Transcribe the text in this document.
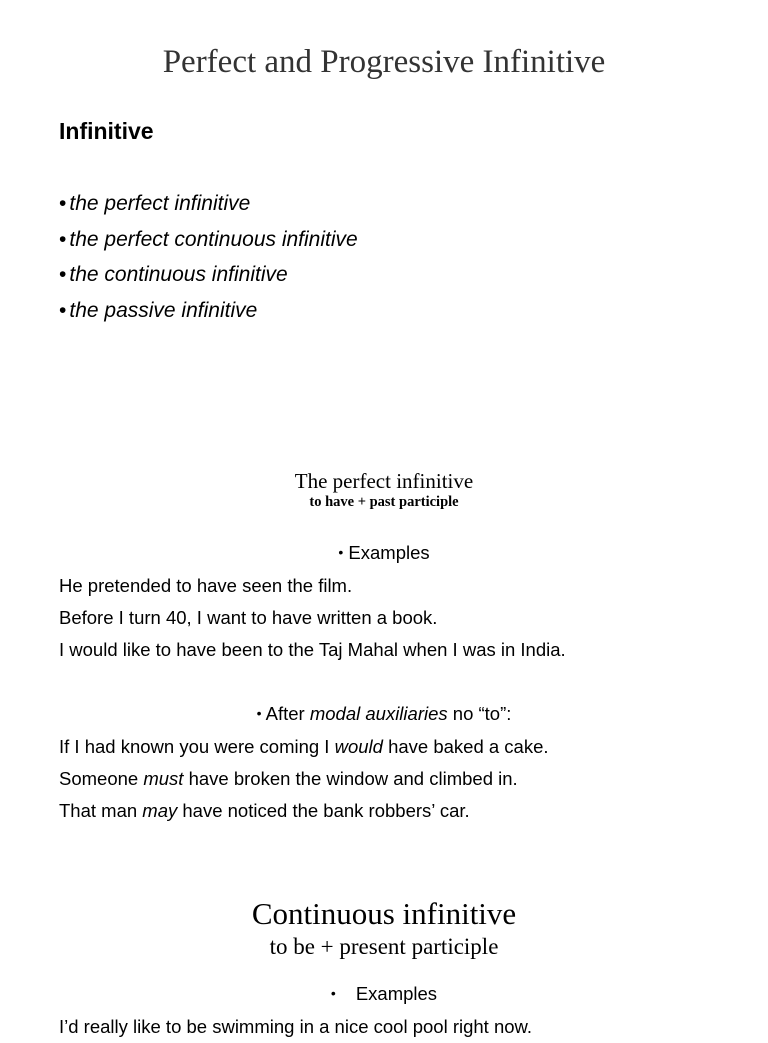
Perfect and Progressive Infinitive
Infinitive
• the perfect infinitive
• the perfect continuous infinitive
• the continuous infinitive
• the passive infinitive
The perfect infinitive
to have + past participle
• Examples
He pretended to have seen the film.
Before I turn 40, I want to have written a book.
I would like to have been to the Taj Mahal when I was in India.
• After modal auxiliaries no “to”:
If I had known you were coming I would have baked a cake.
Someone must have broken the window and climbed in.
That man may have noticed the bank robbers’ car.
Continuous infinitive
to be + present participle
• Examples
I’d really like to be swimming in a nice cool pool right now.
